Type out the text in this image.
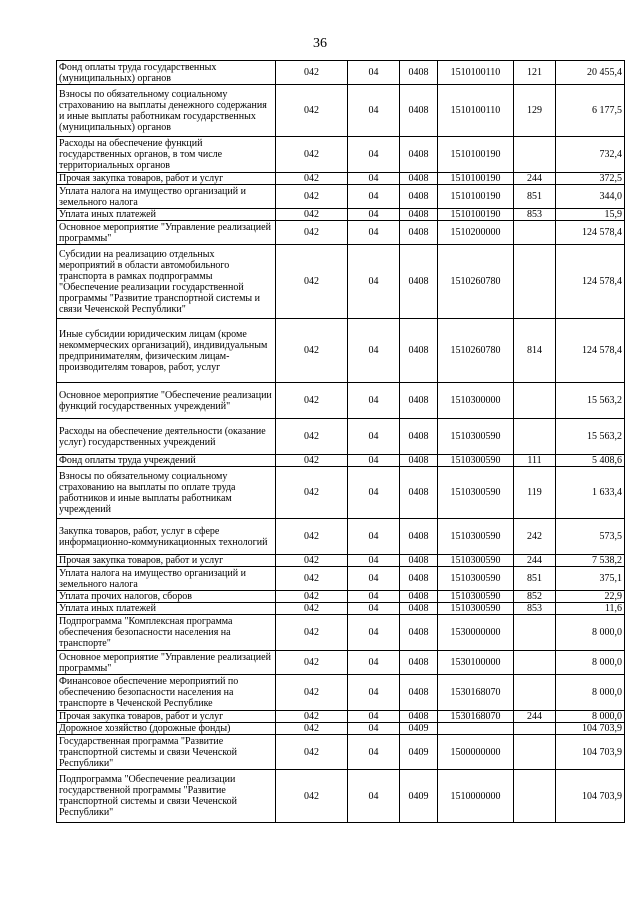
36
Фонд оплаты труда государственных (муниципальных) органов	042	04	0408	1510100110	121	20 455,4
Взносы по обязательному социальному страхованию на выплаты денежного содержания и иные выплаты работникам государственных (муниципальных) органов	042	04	0408	1510100110	129	6 177,5
Расходы на обеспечение функций государственных органов, в том числе территориальных органов	042	04	0408	1510100190		732,4
Прочая закупка товаров, работ и услуг	042	04	0408	1510100190	244	372,5
Уплата налога на имущество организаций и земельного налога	042	04	0408	1510100190	851	344,0
Уплата иных платежей	042	04	0408	1510100190	853	15,9
Основное мероприятие "Управление реализацией программы"	042	04	0408	1510200000		124 578,4
Субсидии на реализацию отдельных мероприятий в области автомобильного транспорта в рамках подпрограммы "Обеспечение реализации государственной программы "Развитие транспортной системы и связи Чеченской Республики"	042	04	0408	1510260780		124 578,4
Иные субсидии юридическим лицам (кроме некоммерческих организаций), индивидуальным предпринимателям, физическим лицам-производителям товаров, работ, услуг	042	04	0408	1510260780	814	124 578,4
Основное мероприятие "Обеспечение реализации функций государственных учреждений"	042	04	0408	1510300000		15 563,2
Расходы на обеспечение деятельности (оказание услуг) государственных учреждений	042	04	0408	1510300590		15 563,2
Фонд оплаты труда учреждений	042	04	0408	1510300590	111	5 408,6
Взносы по обязательному социальному страхованию на выплаты по оплате труда работников и иные выплаты работникам учреждений	042	04	0408	1510300590	119	1 633,4
Закупка товаров, работ, услуг в сфере информационно-коммуникационных технологий	042	04	0408	1510300590	242	573,5
Прочая закупка товаров, работ и услуг	042	04	0408	1510300590	244	7 538,2
Уплата налога на имущество организаций и земельного налога	042	04	0408	1510300590	851	375,1
Уплата прочих налогов, сборов	042	04	0408	1510300590	852	22,9
Уплата иных платежей	042	04	0408	1510300590	853	11,6
Подпрограмма "Комплексная программа обеспечения безопасности населения на транспорте"	042	04	0408	1530000000		8 000,0
Основное мероприятие "Управление реализацией программы"	042	04	0408	1530100000		8 000,0
Финансовое обеспечение мероприятий по обеспечению безопасности населения на транспорте в Чеченской Республике	042	04	0408	1530168070		8 000,0
Прочая закупка товаров, работ и услуг	042	04	0408	1530168070	244	8 000,0
Дорожное хозяйство (дорожные фонды)	042	04	0409			104 703,9
Государственная программа "Развитие транспортной системы и связи Чеченской Республики"	042	04	0409	1500000000		104 703,9
Подпрограмма "Обеспечение реализации государственной программы "Развитие транспортной системы и связи Чеченской Республики"	042	04	0409	1510000000		104 703,9
